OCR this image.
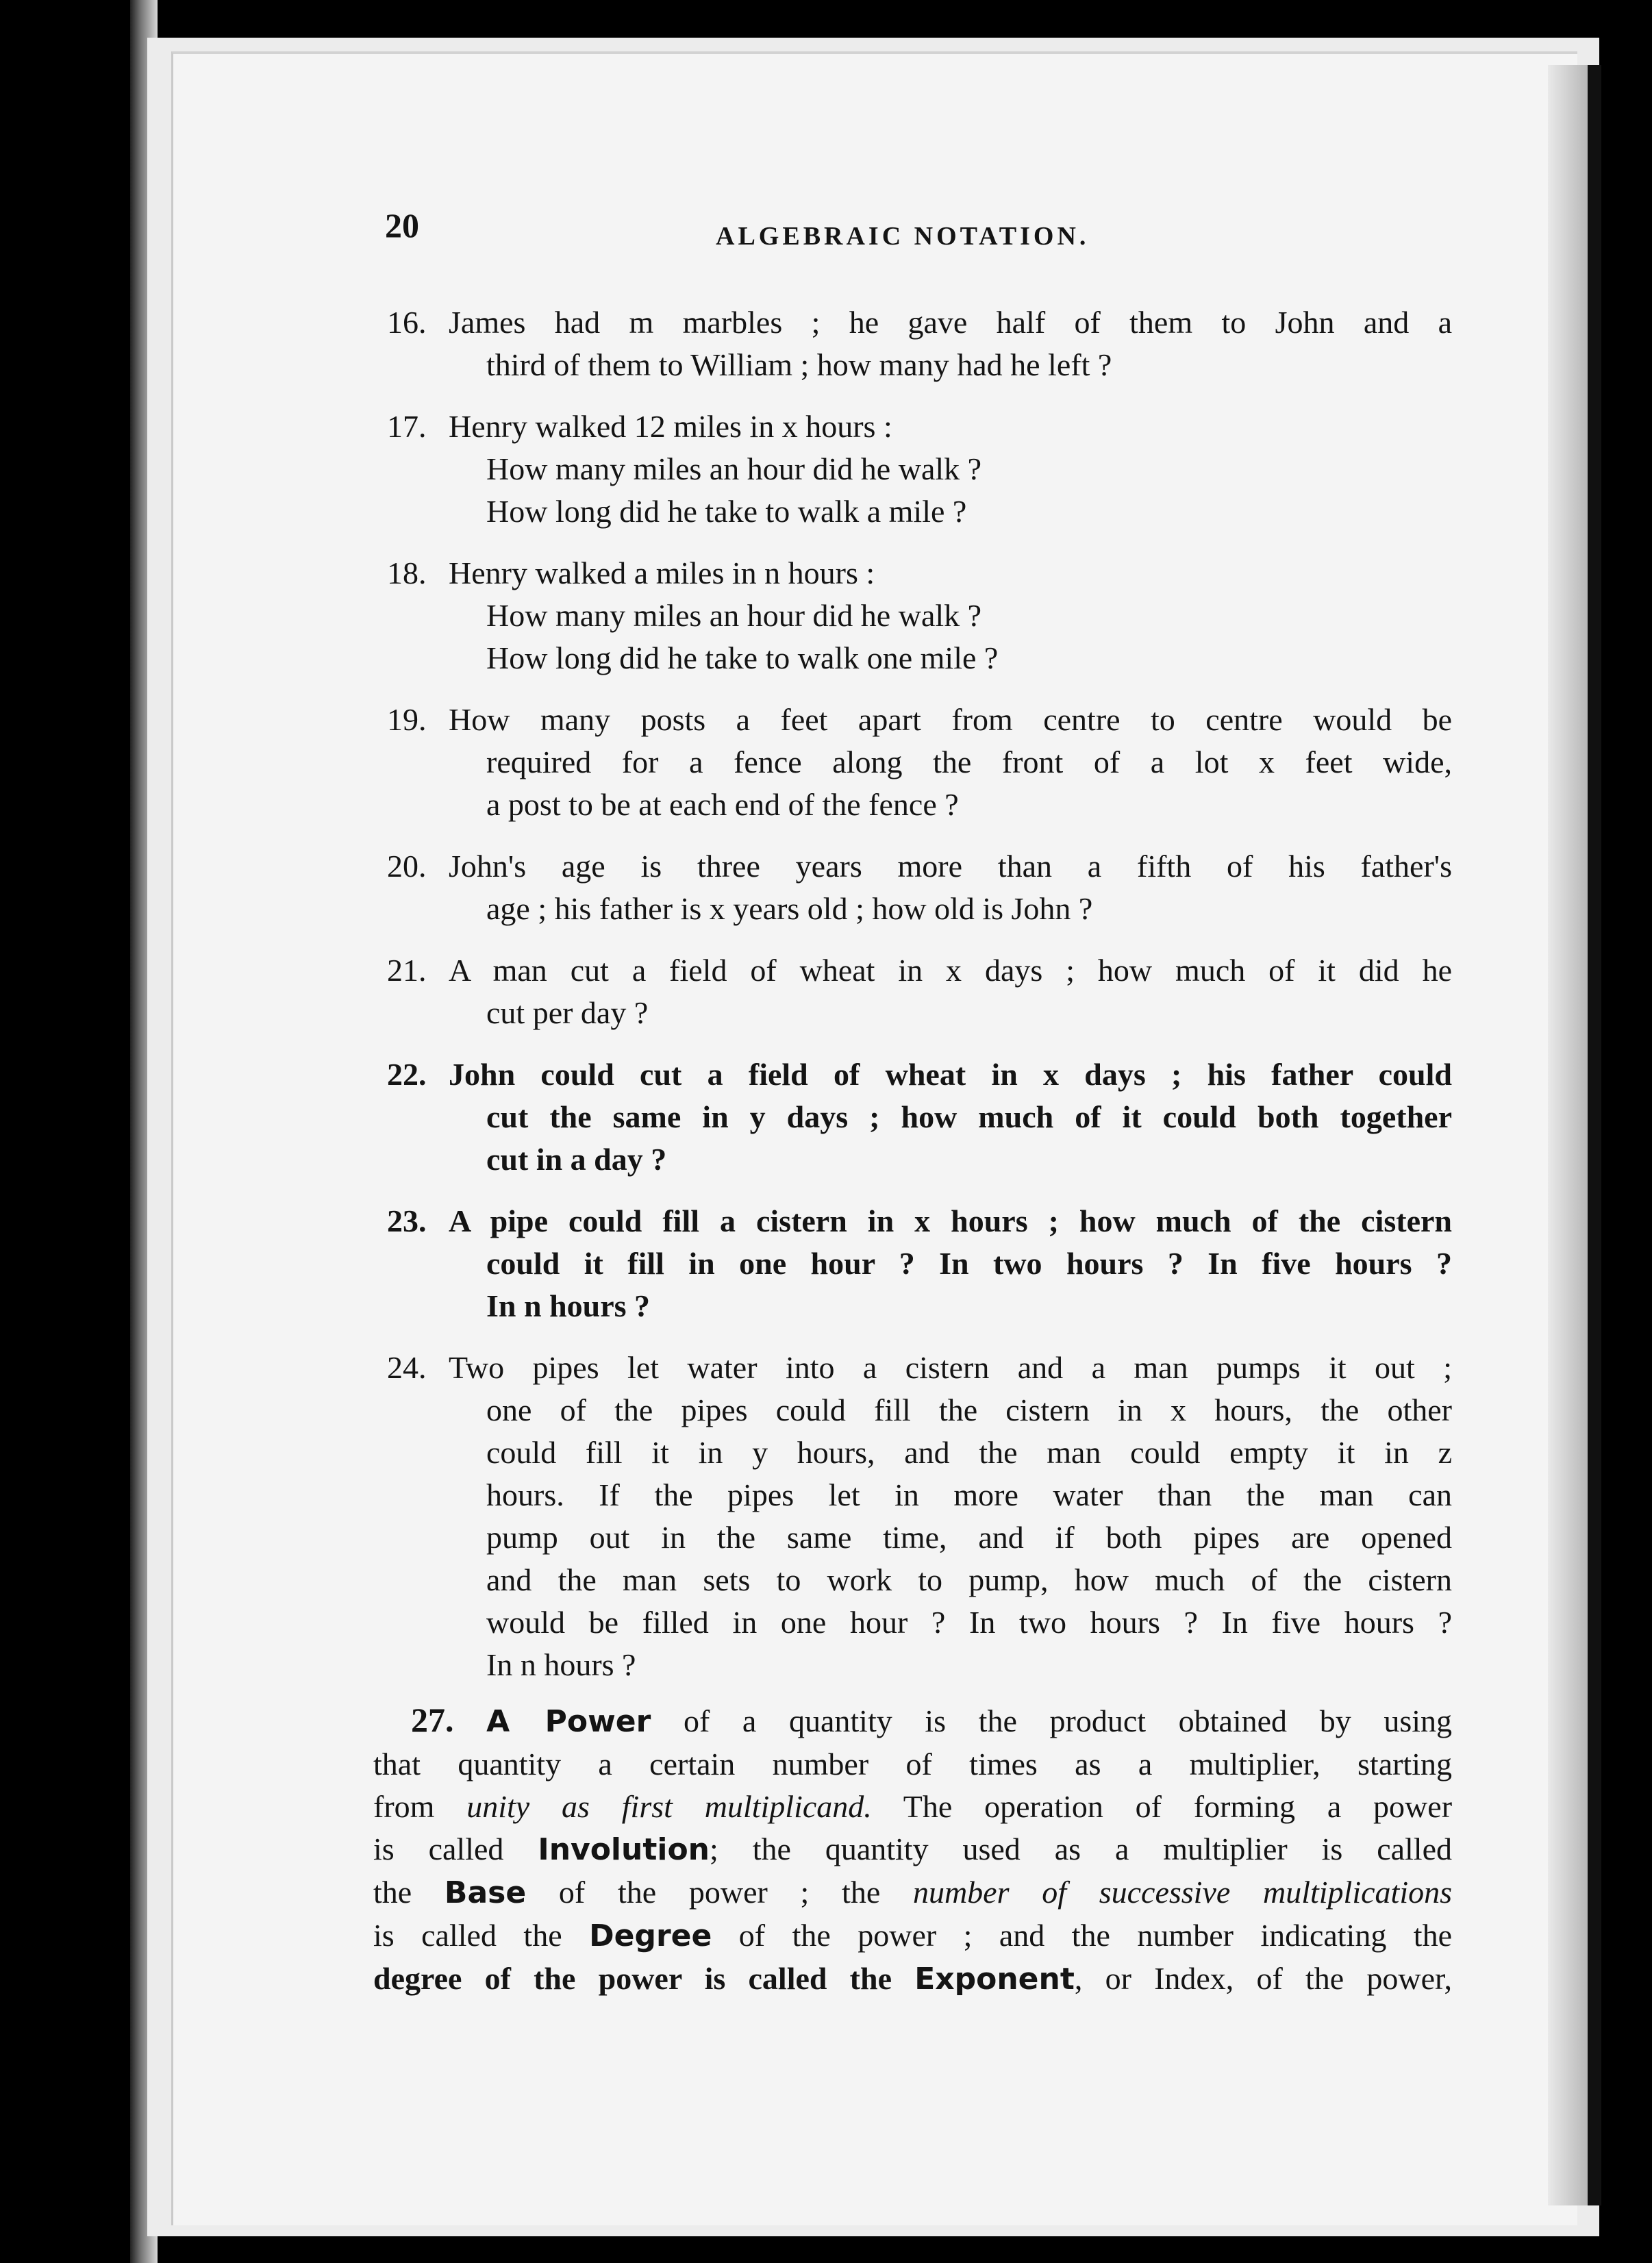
20	ALGEBRAIC NOTATION.
16. James had m marbles ; he gave half of them to John and a
third of them to William ; how many had he left ?
17. Henry walked 12 miles in x hours :
How many miles an hour did he walk ?
How long did he take to walk a mile ?
18. Henry walked a miles in n hours :
How many miles an hour did he walk ?
How long did he take to walk one mile ?
19. How many posts a feet apart from centre to centre would be
required for a fence along the front of a lot x feet wide,
a post to be at each end of the fence ?
20. John's age is three years more than a fifth of his father's
age ; his father is x years old ; how old is John ?
21. A man cut a field of wheat in x days ; how much of it did he
cut per day ?
22. John could cut a field of wheat in x days ; his father could
cut the same in y days ; how much of it could both together
cut in a day ?
23. A pipe could fill a cistern in x hours ; how much of the cistern
could it fill in one hour ? In two hours ? In five hours ?
In n hours ?
24. Two pipes let water into a cistern and a man pumps it out ;
one of the pipes could fill the cistern in x hours, the other
could fill it in y hours, and the man could empty it in z
hours. If the pipes let in more water than the man can
pump out in the same time, and if both pipes are opened
and the man sets to work to pump, how much of the cistern
would be filled in one hour ? In two hours ? In five hours ?
In n hours ?
27. A Power of a quantity is the product obtained by using
that quantity a certain number of times as a multiplier, starting
from unity as first multiplicand. The operation of forming a power
is called Involution; the quantity used as a multiplier is called
the Base of the power ; the number of successive multiplications
is called the Degree of the power ; and the number indicating the
degree of the power is called the Exponent, or Index, of the power,
